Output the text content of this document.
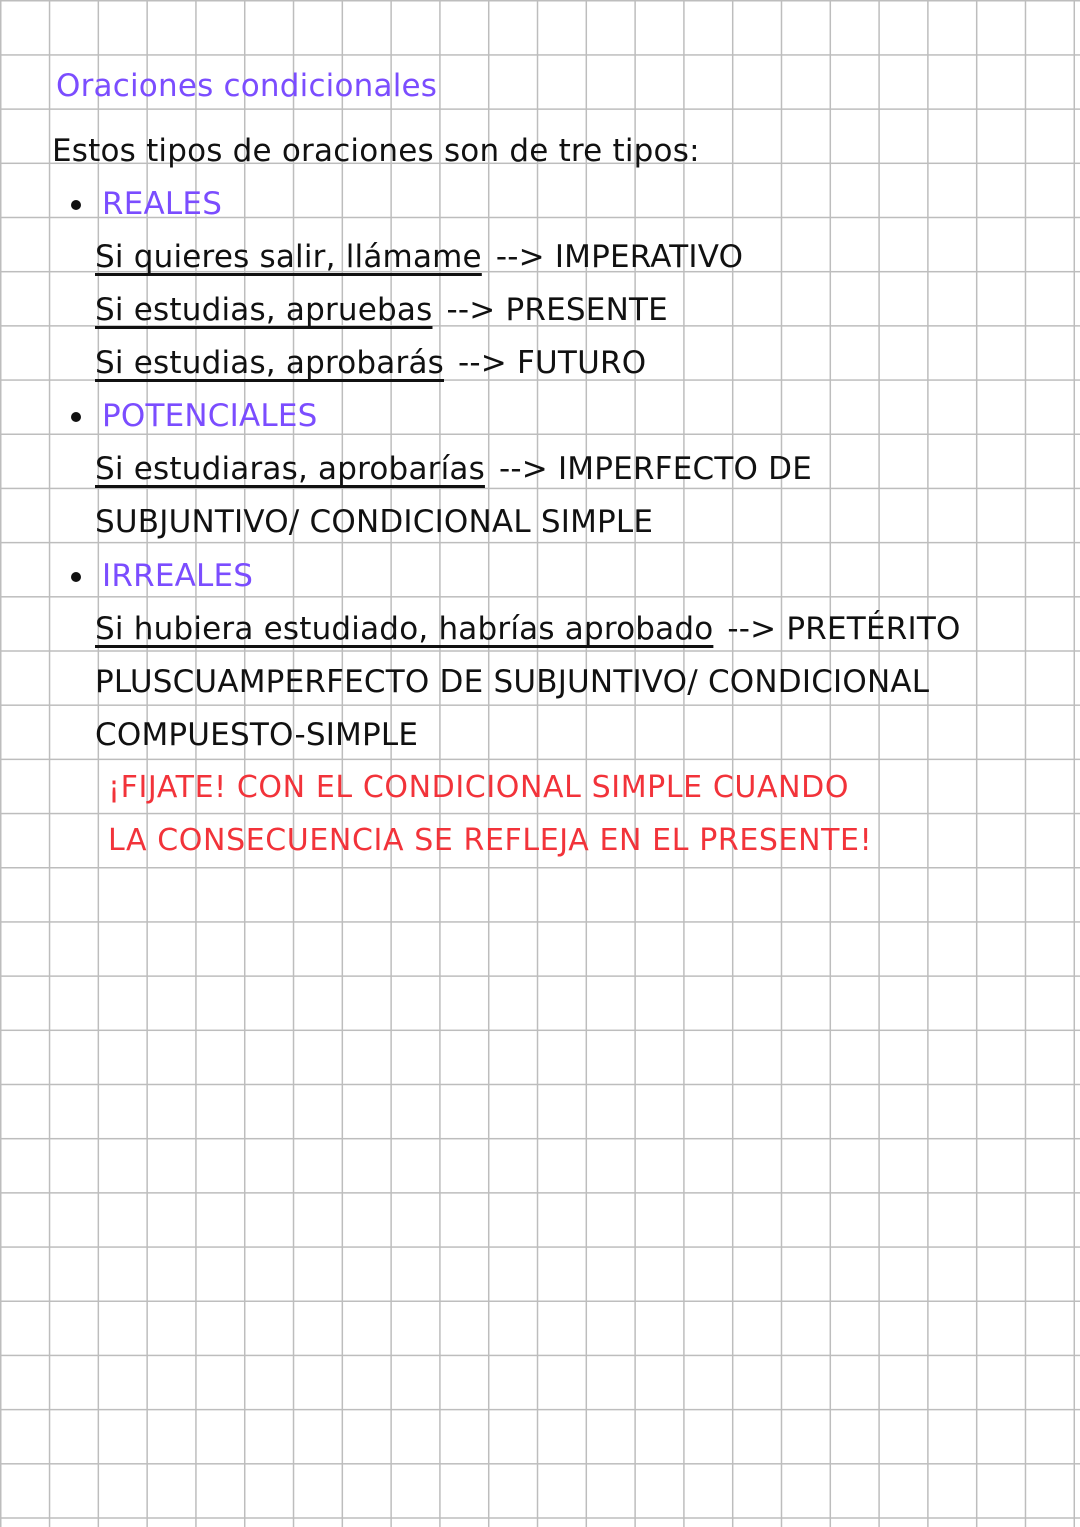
Oraciones condicionales
Estos tipos de oraciones son de tre tipos:
REALES
Si quieres salir, llámame --> IMPERATIVO
Si estudias, apruebas --> PRESENTE
Si estudias, aprobarás --> FUTURO
POTENCIALES
Si estudiaras, aprobarías --> IMPERFECTO DE
SUBJUNTIVO/ CONDICIONAL SIMPLE
IRREALES
Si hubiera estudiado, habrías aprobado --> PRETÉRITO
PLUSCUAMPERFECTO DE SUBJUNTIVO/ CONDICIONAL
COMPUESTO-SIMPLE
¡FIJATE! CON EL CONDICIONAL SIMPLE CUANDO
LA CONSECUENCIA SE REFLEJA EN EL PRESENTE!
